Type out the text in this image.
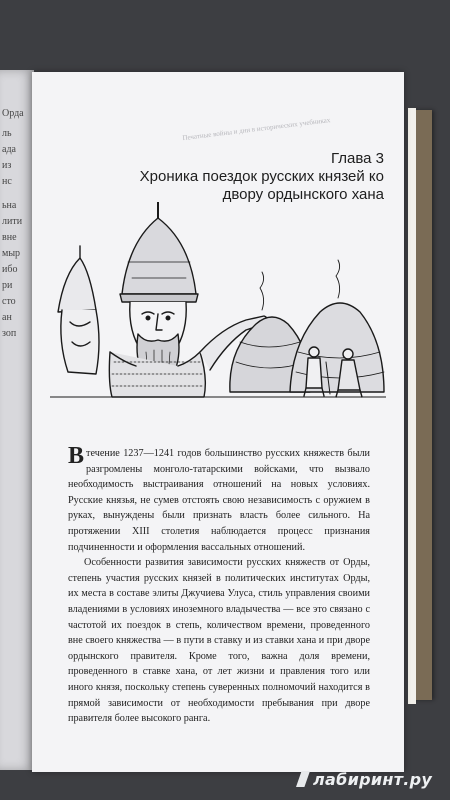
Орда
ль
ада
из
нс
ьна
лити
вне
мыр
ибо
ри
сто
ан
зоп
Печатные войны и дни в исторических учебниках
Глава 3
Хроника поездок русских князей ко двору ордынского хана

В течение 1237—1241 годов большинство русских княжеств были разгромлены монголо-татарскими войсками, что вызвало необходимость выстраивания отношений на новых условиях. Русские князья, не сумев отстоять свою независимость с оружием в руках, вынуждены были признать власть более сильного. На протяжении XIII столетия наблюдается процесс признания подчиненности и оформления вассальных отношений.

Особенности развития зависимости русских княжеств от Орды, степень участия русских князей в политических институтах Орды, их места в составе элиты Джучиева Улуса, стиль управления своими владениями в условиях иноземного владычества — все это связано с частотой их поездок в степь, количеством времени, проведенного вне своего княжества — в пути в ставку и из ставки хана и при дворе ордынского правителя. Кроме того, важна доля времени, проведенного в ставке хана, от лет жизни и правления того или иного князя, поскольку степень суверенных полномочий находится в прямой зависимости от необходимости пребывания при дворе правителя более высокого ранга.

лабиринт.ру
